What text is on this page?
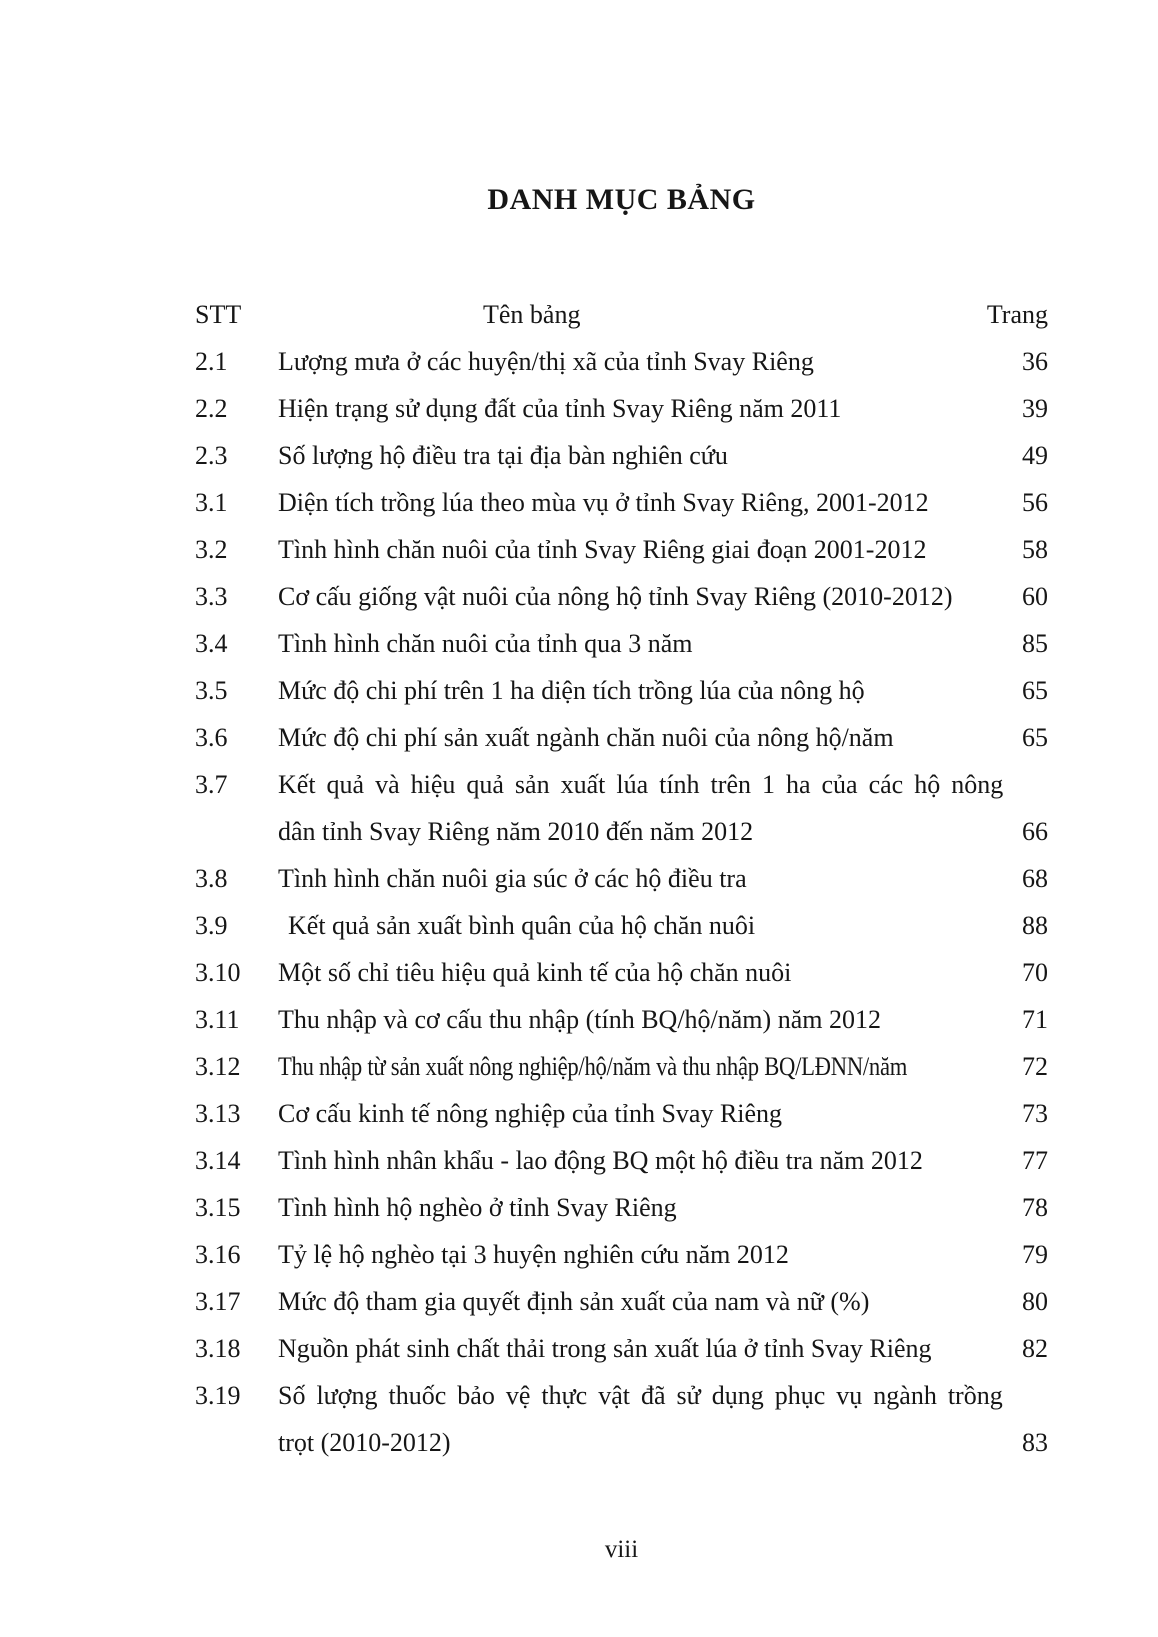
DANH MỤC BẢNG
STT	Tên bảng	Trang
2.1	Lượng mưa ở các huyện/thị xã của tỉnh Svay Riêng	36
2.2	Hiện trạng sử dụng đất của tỉnh Svay Riêng năm 2011	39
2.3	Số lượng hộ điều tra tại địa bàn nghiên cứu	49
3.1	Diện tích trồng lúa theo mùa vụ ở tỉnh Svay Riêng, 2001-2012	56
3.2	Tình hình chăn nuôi của tỉnh Svay Riêng giai đoạn 2001-2012	58
3.3	Cơ cấu giống vật nuôi của nông hộ tỉnh Svay Riêng (2010-2012)	60
3.4	Tình hình chăn nuôi của tỉnh qua 3 năm	85
3.5	Mức độ chi phí trên 1 ha diện tích trồng lúa của nông hộ	65
3.6	Mức độ chi phí sản xuất ngành chăn nuôi của nông hộ/năm	65
3.7	Kết quả và hiệu quả sản xuất lúa tính trên 1 ha của các hộ nông
dân tỉnh Svay Riêng năm 2010 đến năm 2012	66
3.8	Tình hình chăn nuôi gia súc ở các hộ điều tra	68
3.9	Kết quả sản xuất bình quân của hộ chăn nuôi	88
3.10	Một số chỉ tiêu hiệu quả kinh tế của hộ chăn nuôi	70
3.11	Thu nhập và cơ cấu thu nhập (tính BQ/hộ/năm) năm 2012	71
3.12	Thu nhập từ sản xuất nông nghiệp/hộ/năm và thu nhập BQ/LĐNN/năm	72
3.13	Cơ cấu kinh tế nông nghiệp của tỉnh Svay Riêng	73
3.14	Tình hình nhân khẩu - lao động BQ một hộ điều tra năm 2012	77
3.15	Tình hình hộ nghèo ở tỉnh Svay Riêng	78
3.16	Tỷ lệ hộ nghèo tại 3 huyện nghiên cứu năm 2012	79
3.17	Mức độ tham gia quyết định sản xuất của nam và nữ (%)	80
3.18	Nguồn phát sinh chất thải trong sản xuất lúa ở tỉnh Svay Riêng	82
3.19	Số lượng thuốc bảo vệ thực vật đã sử dụng phục vụ ngành trồng
trọt (2010-2012)	83
viii
